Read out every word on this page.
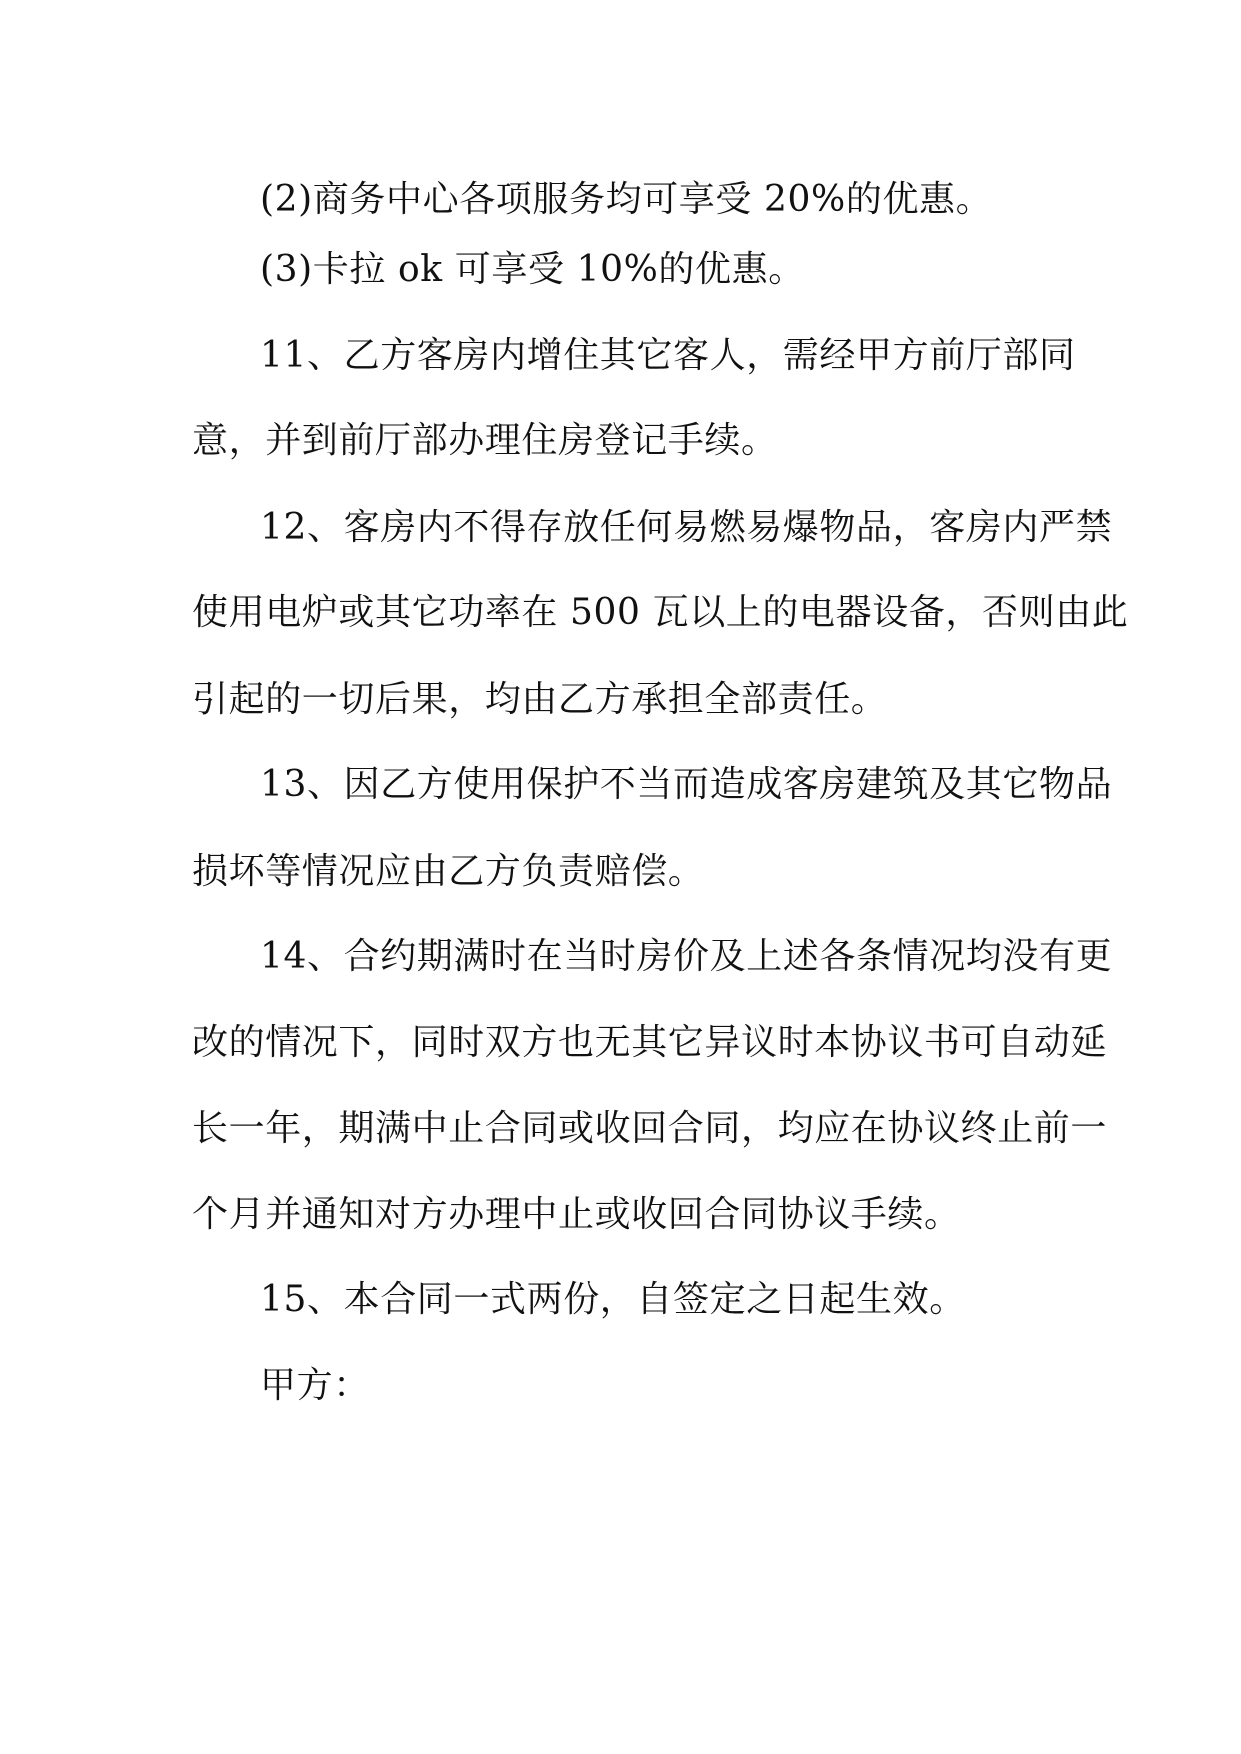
(2)商务中心各项服务均可享受 20%的优惠。

(3)卡拉 ok 可享受 10%的优惠。

11、乙方客房内增住其它客人，需经甲方前厅部同

意，并到前厅部办理住房登记手续。

12、客房内不得存放任何易燃易爆物品，客房内严禁

使用电炉或其它功率在 500 瓦以上的电器设备，否则由此

引起的一切后果，均由乙方承担全部责任。

13、因乙方使用保护不当而造成客房建筑及其它物品

损坏等情况应由乙方负责赔偿。

14、合约期满时在当时房价及上述各条情况均没有更

改的情况下，同时双方也无其它异议时本协议书可自动延

长一年，期满中止合同或收回合同，均应在协议终止前一

个月并通知对方办理中止或收回合同协议手续。

15、本合同一式两份，自签定之日起生效。

甲方：
